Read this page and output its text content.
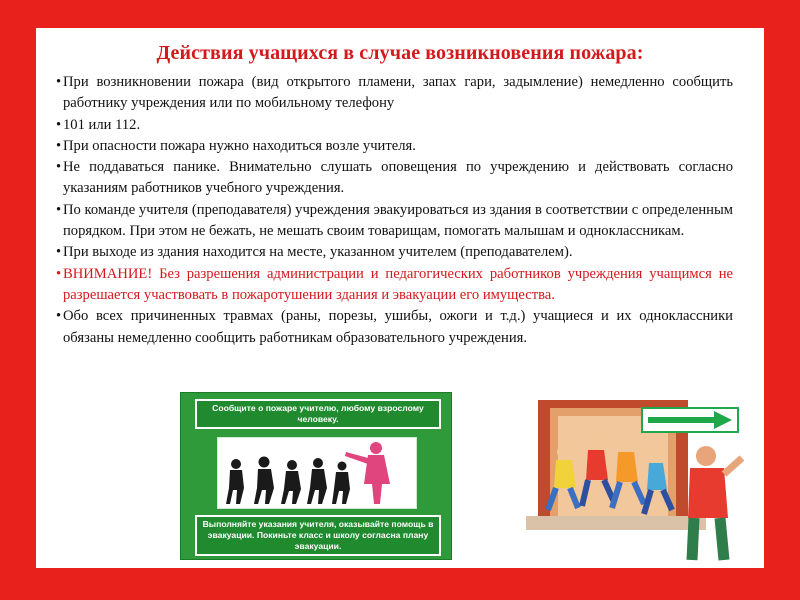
Действия учащихся в случае возникновения пожара:
• При возникновении пожара (вид открытого пламени, запах гари, задымление) немедленно сообщить работнику учреждения или по мобильному телефону
• 101 или 112.
• При опасности пожара нужно находиться возле учителя.
• Не поддаваться панике. Внимательно слушать оповещения по учреждению и действовать согласно указаниям работников учебного учреждения.
• По команде учителя (преподавателя) учреждения эвакуироваться из здания в соответствии с определенным порядком. При этом не бежать, не мешать своим товарищам, помогать малышам и одноклассникам.
• При выходе из здания находится на месте, указанном учителем (преподавателем).
• ВНИМАНИЕ! Без разрешения администрации и педагогических работников учреждения учащимся не разрешается участвовать в пожаротушении здания и эвакуации его имущества.
• Обо всех причиненных травмах (раны, порезы, ушибы, ожоги и т.д.) учащиеся и их одноклассники обязаны немедленно сообщить работникам образовательного учреждения.
Сообщите о пожаре учителю, любому взрослому человеку.
Выполняйте указания учителя, оказывайте помощь в эвакуации. Покиньте класс и школу согласна плану эвакуации.
